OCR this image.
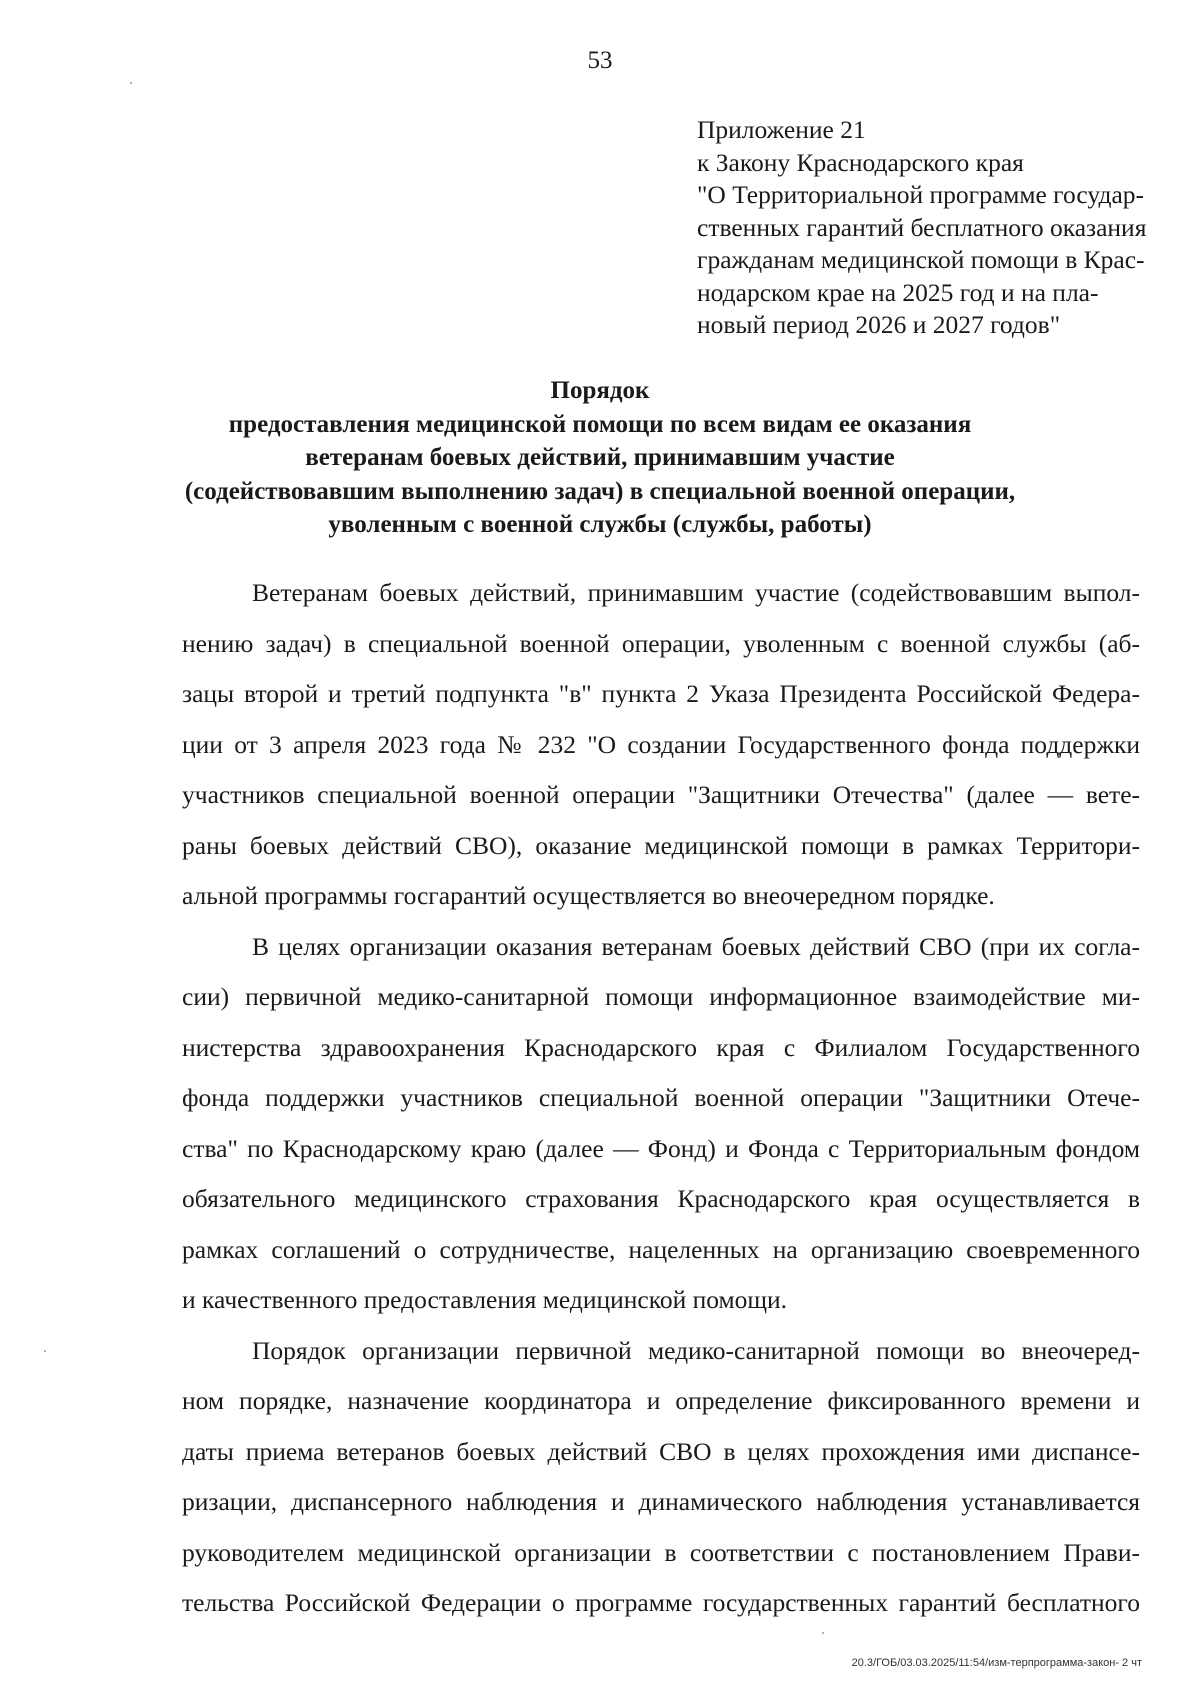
53
Приложение 21
к Закону Краснодарского края
"О Территориальной программе государ-
ственных гарантий бесплатного оказания
гражданам медицинской помощи в Крас-
нодарском крае на 2025 год и на пла-
новый период 2026 и 2027 годов"
Порядок
предоставления медицинской помощи по всем видам ее оказания
ветеранам боевых действий, принимавшим участие
(содействовавшим выполнению задач) в специальной военной операции,
уволенным с военной службы (службы, работы)

Ветеранам боевых действий, принимавшим участие (содействовавшим выпол-
нению задач) в специальной военной операции, уволенным с военной службы (аб-
зацы второй и третий подпункта "в" пункта 2 Указа Президента Российской Федера-
ции от 3 апреля 2023 года № 232 "О создании Государственного фонда поддержки
участников специальной военной операции "Защитники Отечества" (далее — вете-
раны боевых действий СВО), оказание медицинской помощи в рамках Территори-
альной программы госгарантий осуществляется во внеочередном порядке.

В целях организации оказания ветеранам боевых действий СВО (при их согла-
сии) первичной медико-санитарной помощи информационное взаимодействие ми-
нистерства здравоохранения Краснодарского края с Филиалом Государственного
фонда поддержки участников специальной военной операции "Защитники Отече-
ства" по Краснодарскому краю (далее — Фонд) и Фонда с Территориальным фондом
обязательного медицинского страхования Краснодарского края осуществляется в
рамках соглашений о сотрудничестве, нацеленных на организацию своевременного
и качественного предоставления медицинской помощи.

Порядок организации первичной медико-санитарной помощи во внеочеред-
ном порядке, назначение координатора и определение фиксированного времени и
даты приема ветеранов боевых действий СВО в целях прохождения ими диспансе-
ризации, диспансерного наблюдения и динамического наблюдения устанавливается
руководителем медицинской организации в соответствии с постановлением Прави-
тельства Российской Федерации о программе государственных гарантий бесплатного

20.3/ГОБ/03.03.2025/11:54/изм-терпрограмма-закон- 2 чт
